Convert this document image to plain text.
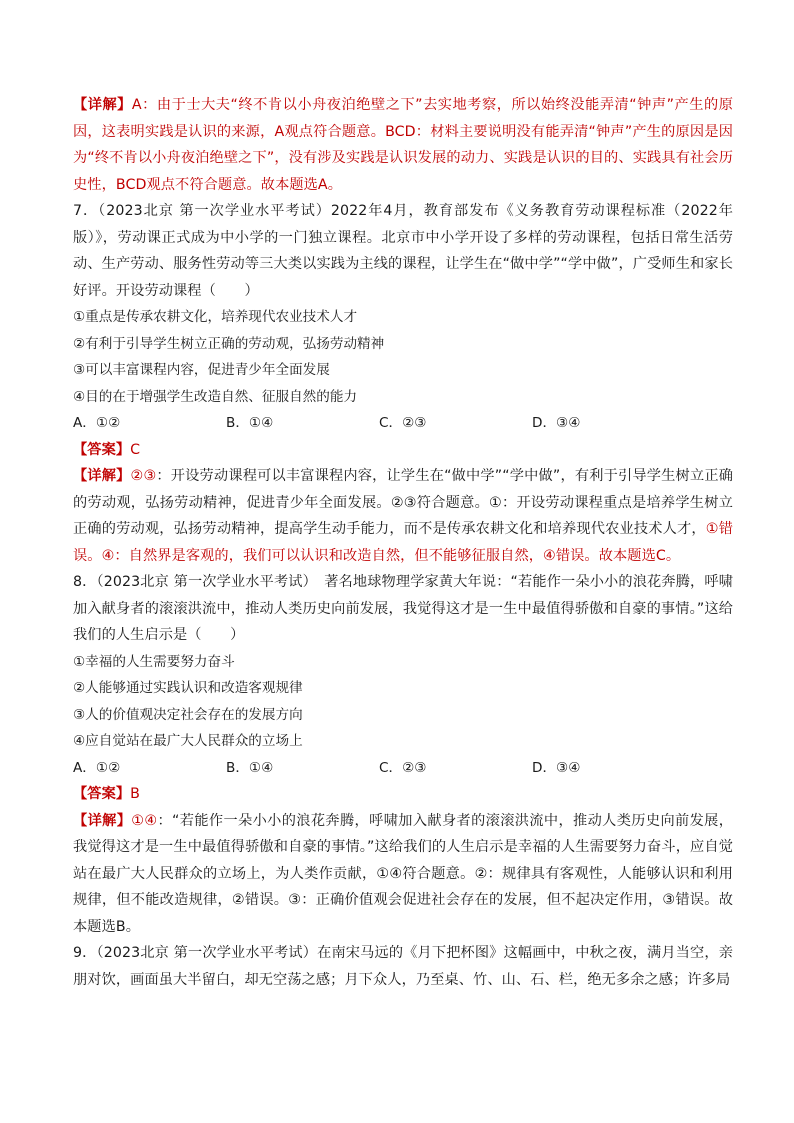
【详解】A：由于士大夫“终不肯以小舟夜泊绝壁之下”去实地考察，所以始终没能弄清“钟声”产生的原因，这表明实践是认识的来源，A观点符合题意。BCD：材料主要说明没有能弄清“钟声”产生的原因是因为“终不肯以小舟夜泊绝壁之下”，没有涉及实践是认识发展的动力、实践是认识的目的、实践具有社会历史性，BCD观点不符合题意。故本题选A。

7．（2023北京 第一次学业水平考试）2022年4月，教育部发布《义务教育劳动课程标准（2022年版）》，劳动课正式成为中小学的一门独立课程。北京市中小学开设了多样的劳动课程，包括日常生活劳动、生产劳动、服务性劳动等三大类以实践为主线的课程，让学生在“做中学”“学中做”，广受师生和家长好评。开设劳动课程（　　）

①重点是传承农耕文化，培养现代农业技术人才

②有利于引导学生树立正确的劳动观，弘扬劳动精神

③可以丰富课程内容，促进青少年全面发展

④目的在于增强学生改造自然、征服自然的能力

A．①②	B．①④	C．②③	D．③④

【答案】C

【详解】②③：开设劳动课程可以丰富课程内容，让学生在“做中学”“学中做”，有利于引导学生树立正确的劳动观，弘扬劳动精神，促进青少年全面发展。②③符合题意。①：开设劳动课程重点是培养学生树立正确的劳动观，弘扬劳动精神，提高学生动手能力，而不是传承农耕文化和培养现代农业技术人才，①错误。④：自然界是客观的，我们可以认识和改造自然，但不能够征服自然，④错误。故本题选C。

8．（2023北京 第一次学业水平考试）　著名地球物理学家黄大年说：“若能作一朵小小的浪花奔腾，呼啸加入献身者的滚滚洪流中，推动人类历史向前发展，我觉得这才是一生中最值得骄傲和自豪的事情。”这给我们的人生启示是（　　）

①幸福的人生需要努力奋斗

②人能够通过实践认识和改造客观规律

③人的价值观决定社会存在的发展方向

④应自觉站在最广大人民群众的立场上

A．①②	B．①④	C．②③	D．③④

【答案】B

【详解】①④：“若能作一朵小小的浪花奔腾，呼啸加入献身者的滚滚洪流中，推动人类历史向前发展，我觉得这才是一生中最值得骄傲和自豪的事情。”这给我们的人生启示是幸福的人生需要努力奋斗，应自觉站在最广大人民群众的立场上，为人类作贡献，①④符合题意。②：规律具有客观性，人能够认识和利用规律，但不能改造规律，②错误。③：正确价值观会促进社会存在的发展，但不起决定作用，③错误。故本题选B。

9．（2023北京 第一次学业水平考试）在南宋马远的《月下把杯图》这幅画中，中秋之夜，满月当空，亲朋对饮，画面虽大半留白，却无空荡之感；月下众人，乃至桌、竹、山、石、栏，绝无多余之感；许多局
